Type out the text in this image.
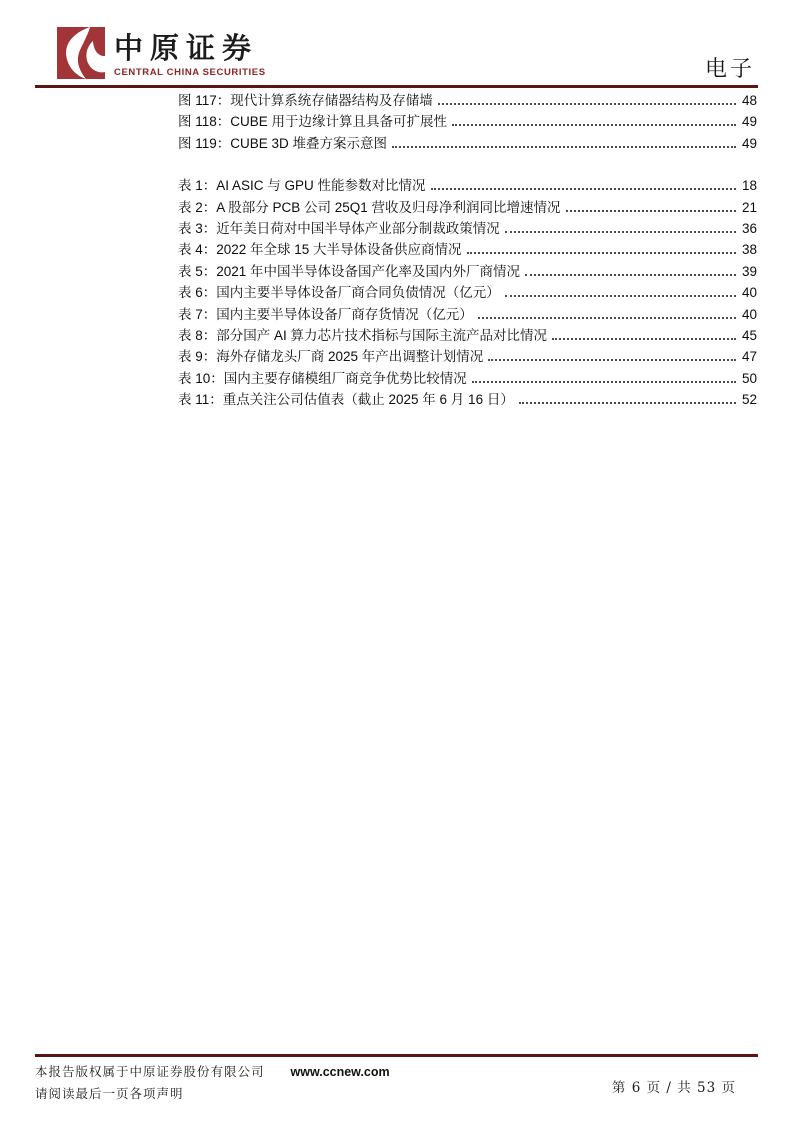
中原证券
CENTRAL CHINA SECURITIES	电子
图 117：现代计算系统存储器结构及存储墙	48
图 118：CUBE 用于边缘计算且具备可扩展性	49
图 119：CUBE 3D 堆叠方案示意图	49
表 1：AI ASIC 与 GPU 性能参数对比情况	18
表 2：A 股部分 PCB 公司 25Q1 营收及归母净利润同比增速情况	21
表 3：近年美日荷对中国半导体产业部分制裁政策情况	36
表 4：2022 年全球 15 大半导体设备供应商情况	38
表 5：2021 年中国半导体设备国产化率及国内外厂商情况	39
表 6：国内主要半导体设备厂商合同负债情况（亿元）	40
表 7：国内主要半导体设备厂商存货情况（亿元）	40
表 8：部分国产 AI 算力芯片技术指标与国际主流产品对比情况	45
表 9：海外存储龙头厂商 2025 年产出调整计划情况	47
表 10：国内主要存储模组厂商竞争优势比较情况	50
表 11：重点关注公司估值表（截止 2025 年 6 月 16 日）	52
本报告版权属于中原证券股份有限公司 www.ccnew.com
请阅读最后一页各项声明	第 6 页 / 共 53 页
